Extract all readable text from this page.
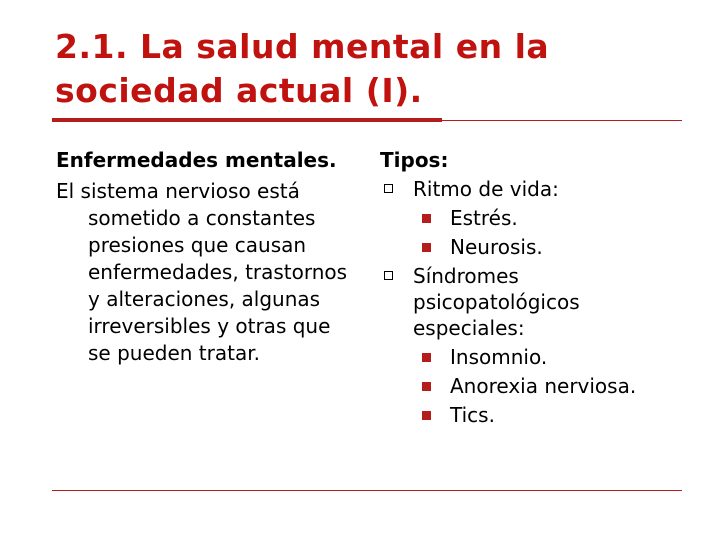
2.1. La salud mental en la sociedad actual (I).
Enfermedades mentales.
El sistema nervioso está sometido a constantes presiones que causan enfermedades, trastornos y alteraciones, algunas irreversibles y otras que se pueden tratar.
Tipos:
Ritmo de vida:
Estrés.
Neurosis.
Síndromes psicopatológicos especiales:
Insomnio.
Anorexia nerviosa.
Tics.
